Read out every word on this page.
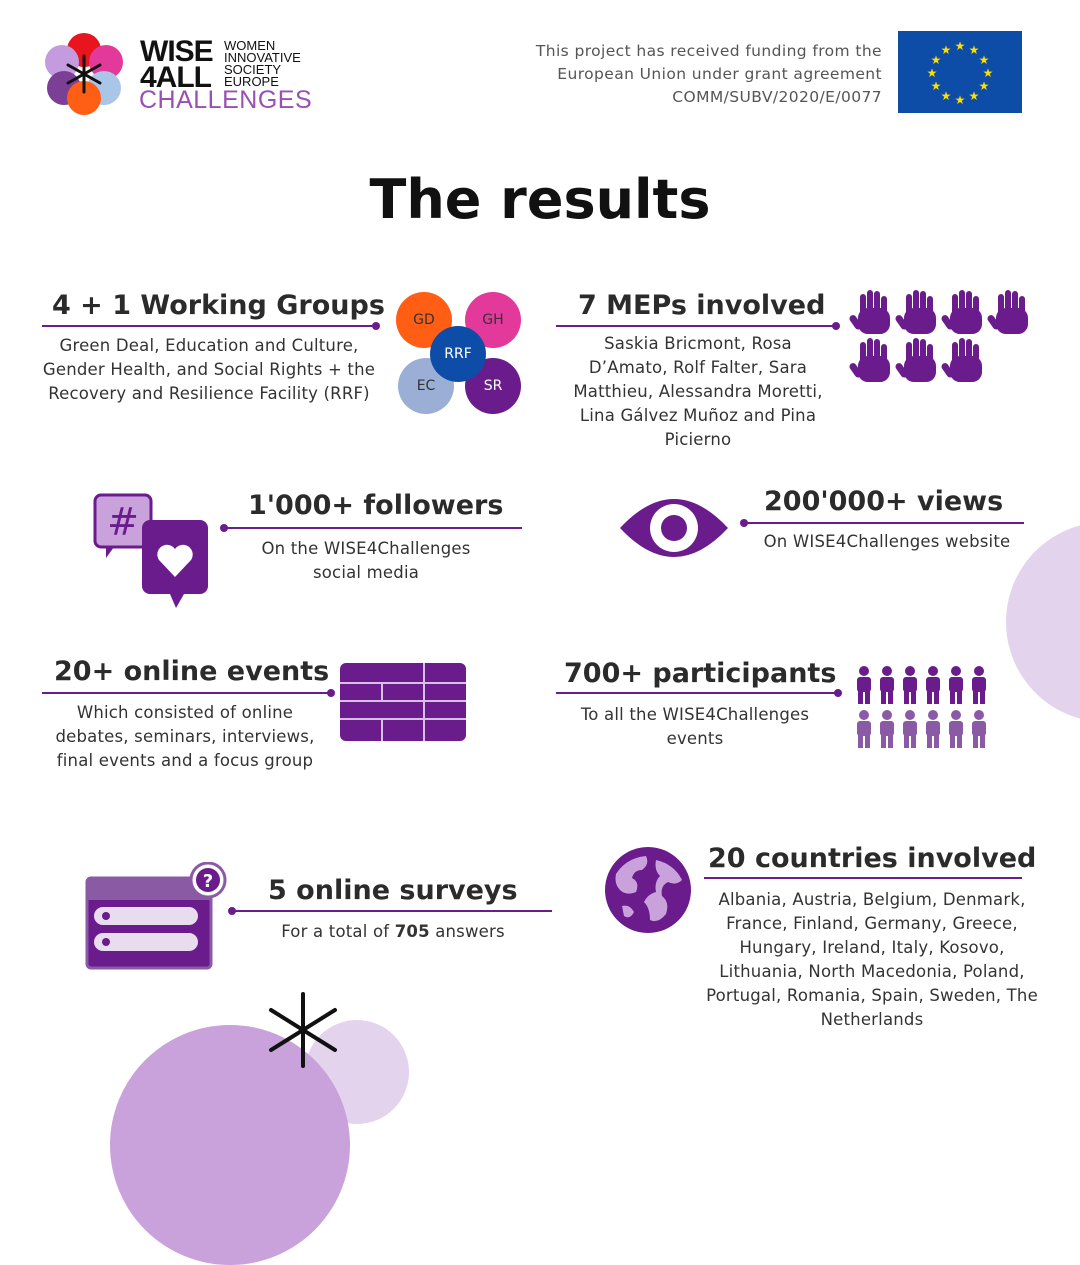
WISE
4ALL
WOMEN
INNOVATIVE
SOCIETY
EUROPE
CHALLENGES
This project has received funding from the
European Union under grant agreement
COMM/SUBV/2020/E/0077
★ ★
★
★
★
★
★
★
★
★
★
★
The results
4 + 1 Working Groups
Green Deal, Education and Culture, Gender Health, and Social Rights + the Recovery and Resilience Facility (RRF)
GD	GH
EC	SR
RRF
7 MEPs involved
Saskia Bricmont, Rosa D’Amato, Rolf Falter, Sara Matthieu, Alessandra Moretti, Lina Gálvez Muñoz and Pina Picierno
#	1'000+ followers
On the WISE4Challenges social media
200'000+ views
On WISE4Challenges website
20+ online events
Which consisted of online debates, seminars, interviews, final events and a focus group
700+ participants
To all the WISE4Challenges events
? 5 online surveys
For a total of 705 answers
20 countries involved
Albania, Austria, Belgium, Denmark, France, Finland, Germany, Greece, Hungary, Ireland, Italy, Kosovo, Lithuania, North Macedonia, Poland, Portugal, Romania, Spain, Sweden, The Netherlands
